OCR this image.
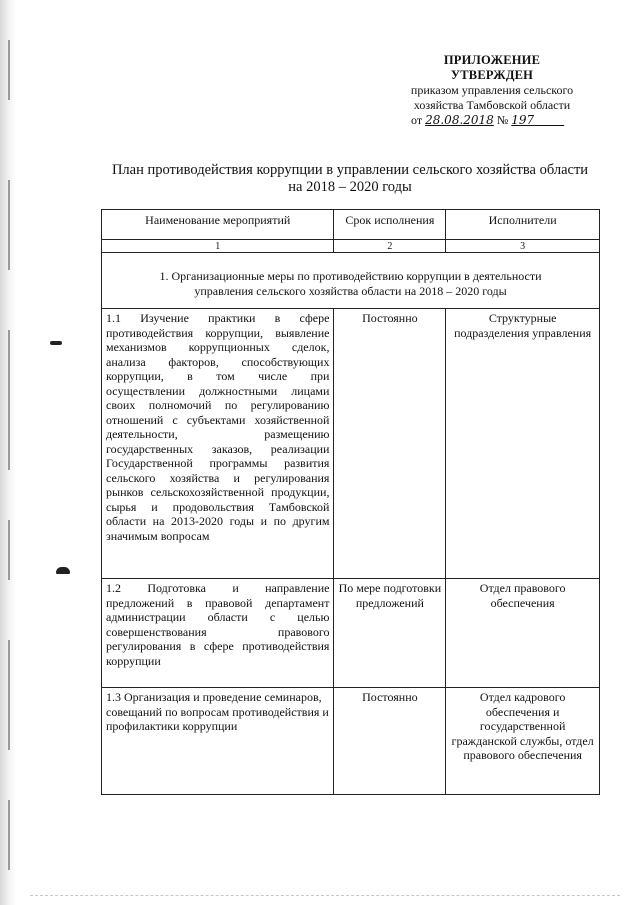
ПРИЛОЖЕНИЕ
УТВЕРЖДЕН
приказом управления сельского
хозяйства Тамбовской области
от 28.08.2018 № 197
План противодействия коррупции в управлении сельского хозяйства области
на 2018 – 2020 годы
Наименование мероприятий	Срок исполнения	Исполнители
1	2	3

1. Организационные меры по противодействию коррупции в деятельности
управления сельского хозяйства области на 2018 – 2020 годы		

1.1 Изучение практики в сфере противодействия коррупции, выявление механизмов коррупционных сделок, анализа факторов, способствующих коррупции, в том числе при осуществлении должностными лицами своих полномочий по регулированию отношений с субъектами хозяйственной деятельности, размещению государственных заказов, реализации Государственной программы развития сельского хозяйства и регулирования рынков сельскохозяйственной продукции, сырья и продовольствия Тамбовской области на 2013-2020 годы и по другим значимым вопросам	Постоянно	Структурные подразделения управления
1.2 Подготовка и направление предложений в правовой департамент администрации области с целью совершенствования правового регулирования в сфере противодействия коррупции	По мере подготовки предложений	Отдел правового обеспечения
1.3 Организация и проведение семинаров, совещаний по вопросам противодействия и профилактики коррупции	Постоянно	Отдел кадрового обеспечения и государственной гражданской службы, отдел правового обеспечения
